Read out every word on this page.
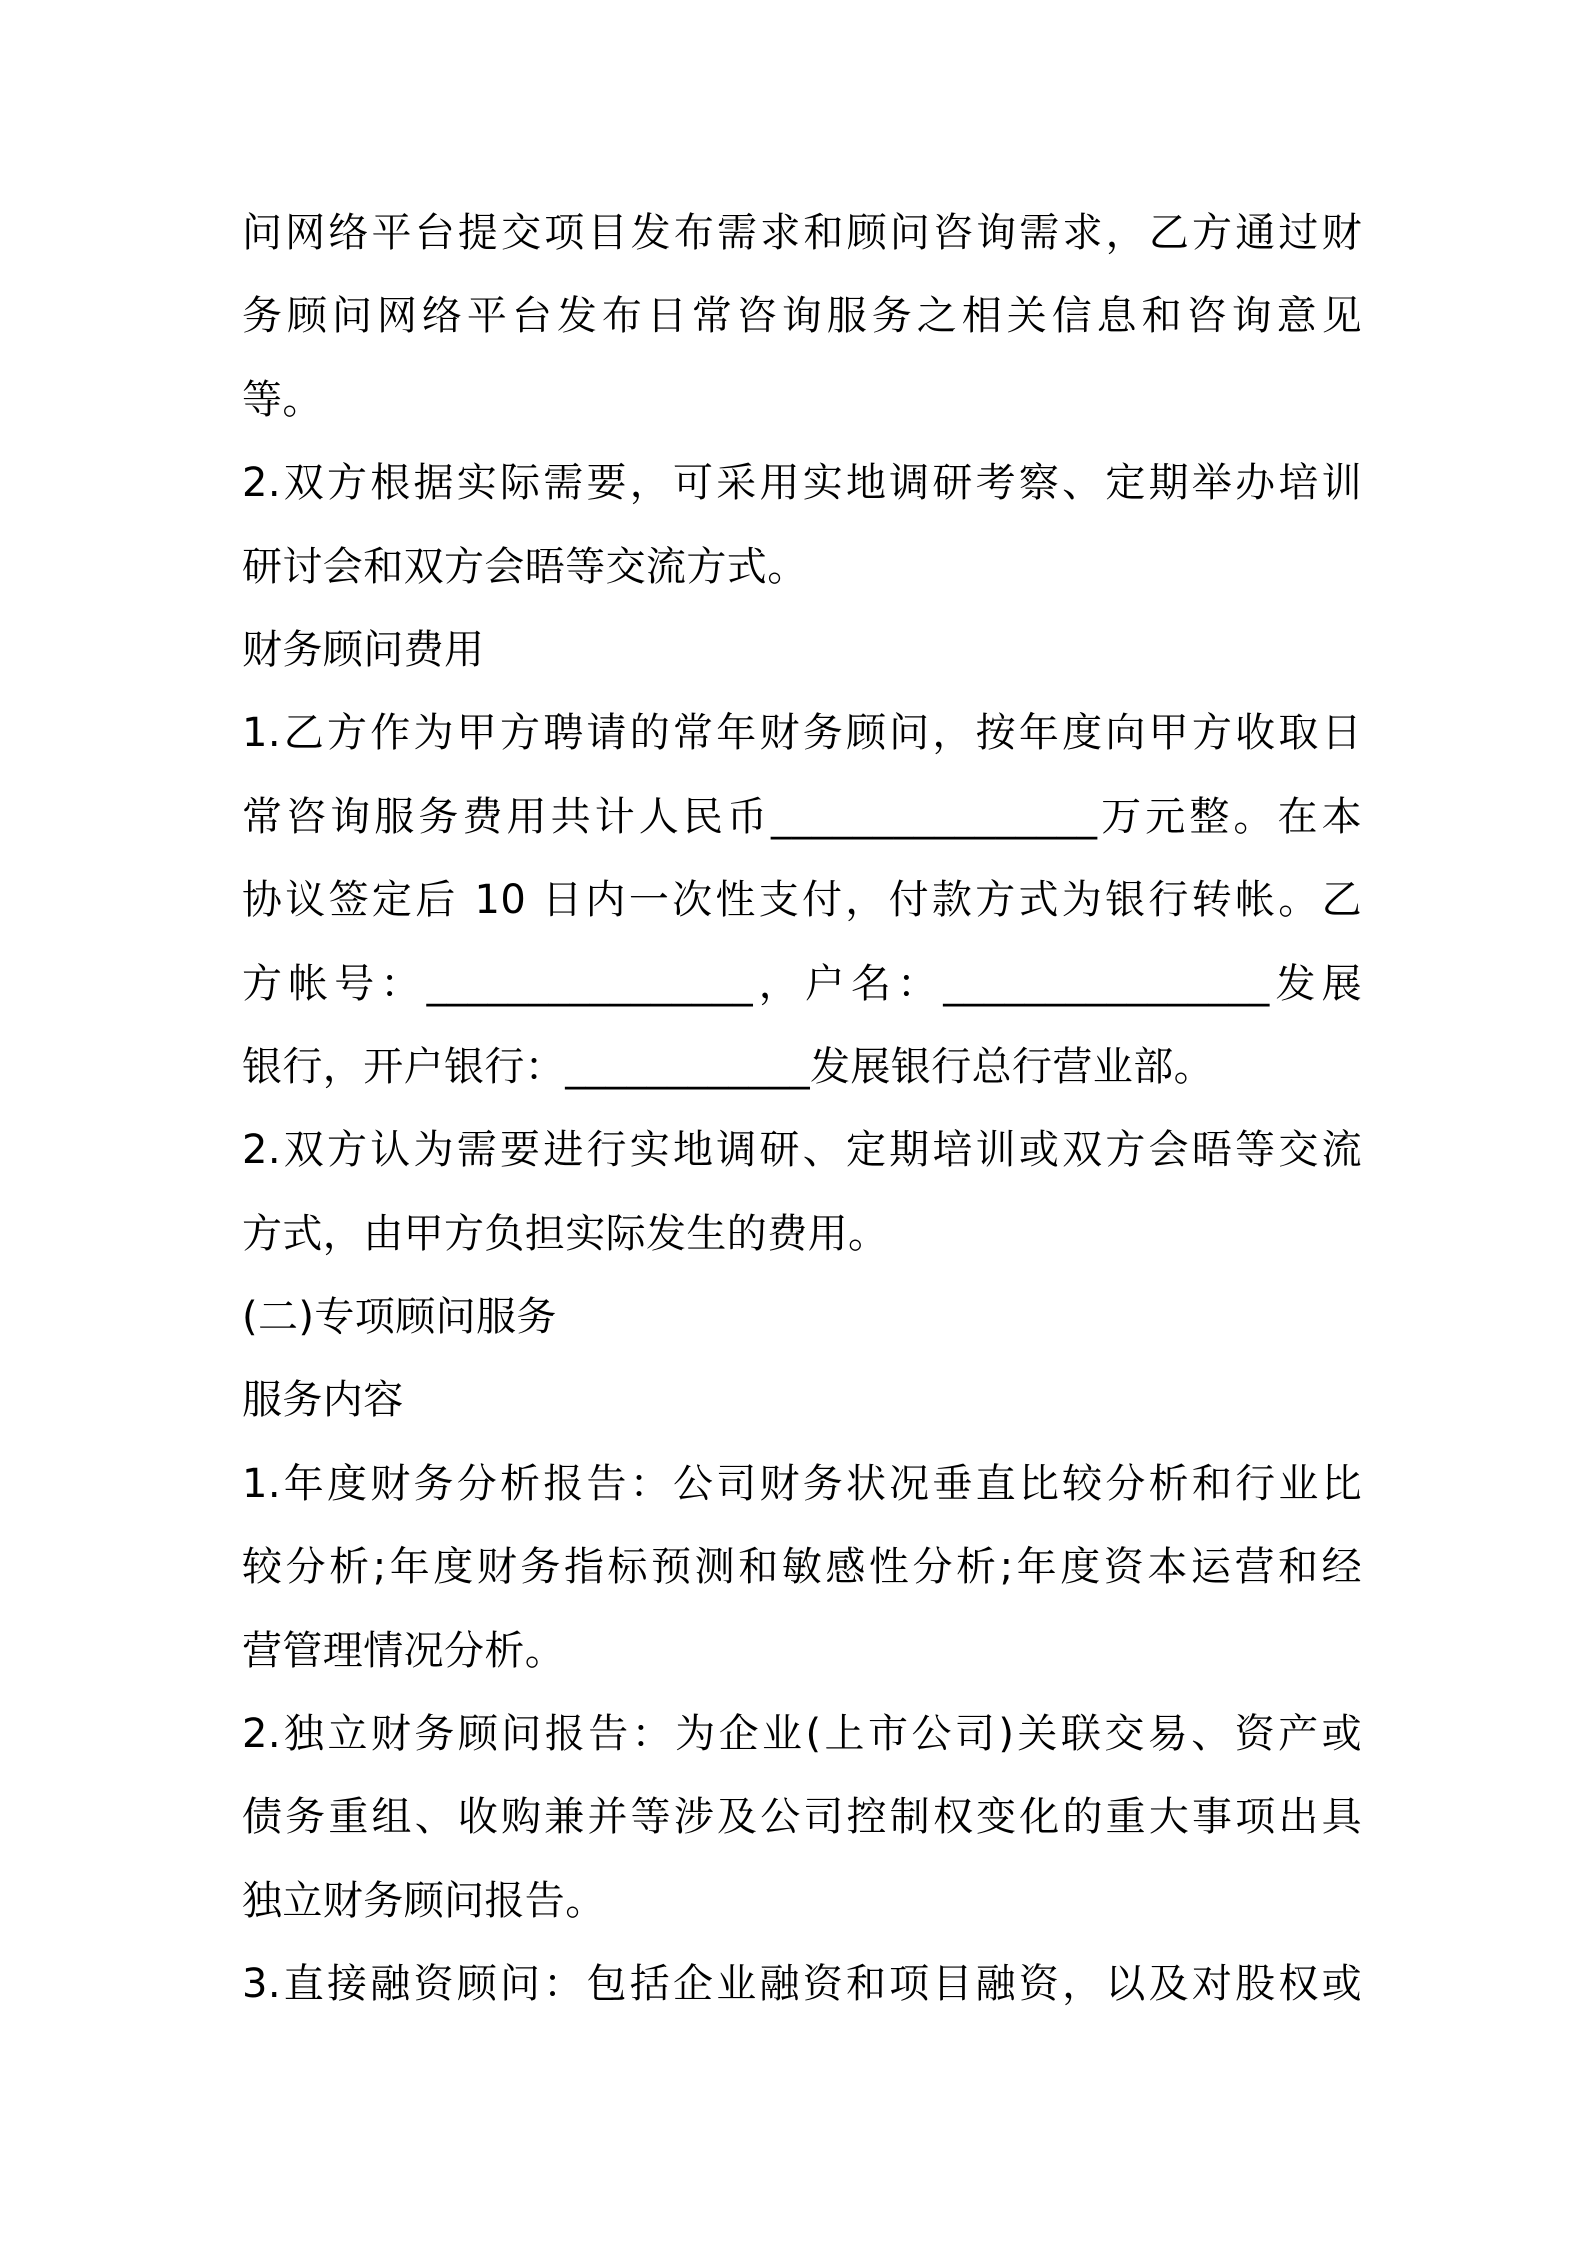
问网络平台提交项目发布需求和顾问咨询需求，乙方通过财
务顾问网络平台发布日常咨询服务之相关信息和咨询意见
等。
2.双方根据实际需要，可采用实地调研考察、定期举办培训
研讨会和双方会晤等交流方式。
财务顾问费用
1.乙方作为甲方聘请的常年财务顾问，按年度向甲方收取日
常咨询服务费用共计人民币________________万元整。在本
协议签定后 10 日内一次性支付，付款方式为银行转帐。乙
方帐号：________________，户名：________________发展
银行，开户银行：____________发展银行总行营业部。
2.双方认为需要进行实地调研、定期培训或双方会晤等交流
方式，由甲方负担实际发生的费用。
(二)专项顾问服务
服务内容
1.年度财务分析报告：公司财务状况垂直比较分析和行业比
较分析;年度财务指标预测和敏感性分析;年度资本运营和经
营管理情况分析。
2.独立财务顾问报告：为企业(上市公司)关联交易、资产或
债务重组、收购兼并等涉及公司控制权变化的重大事项出具
独立财务顾问报告。
3.直接融资顾问：包括企业融资和项目融资，以及对股权或
